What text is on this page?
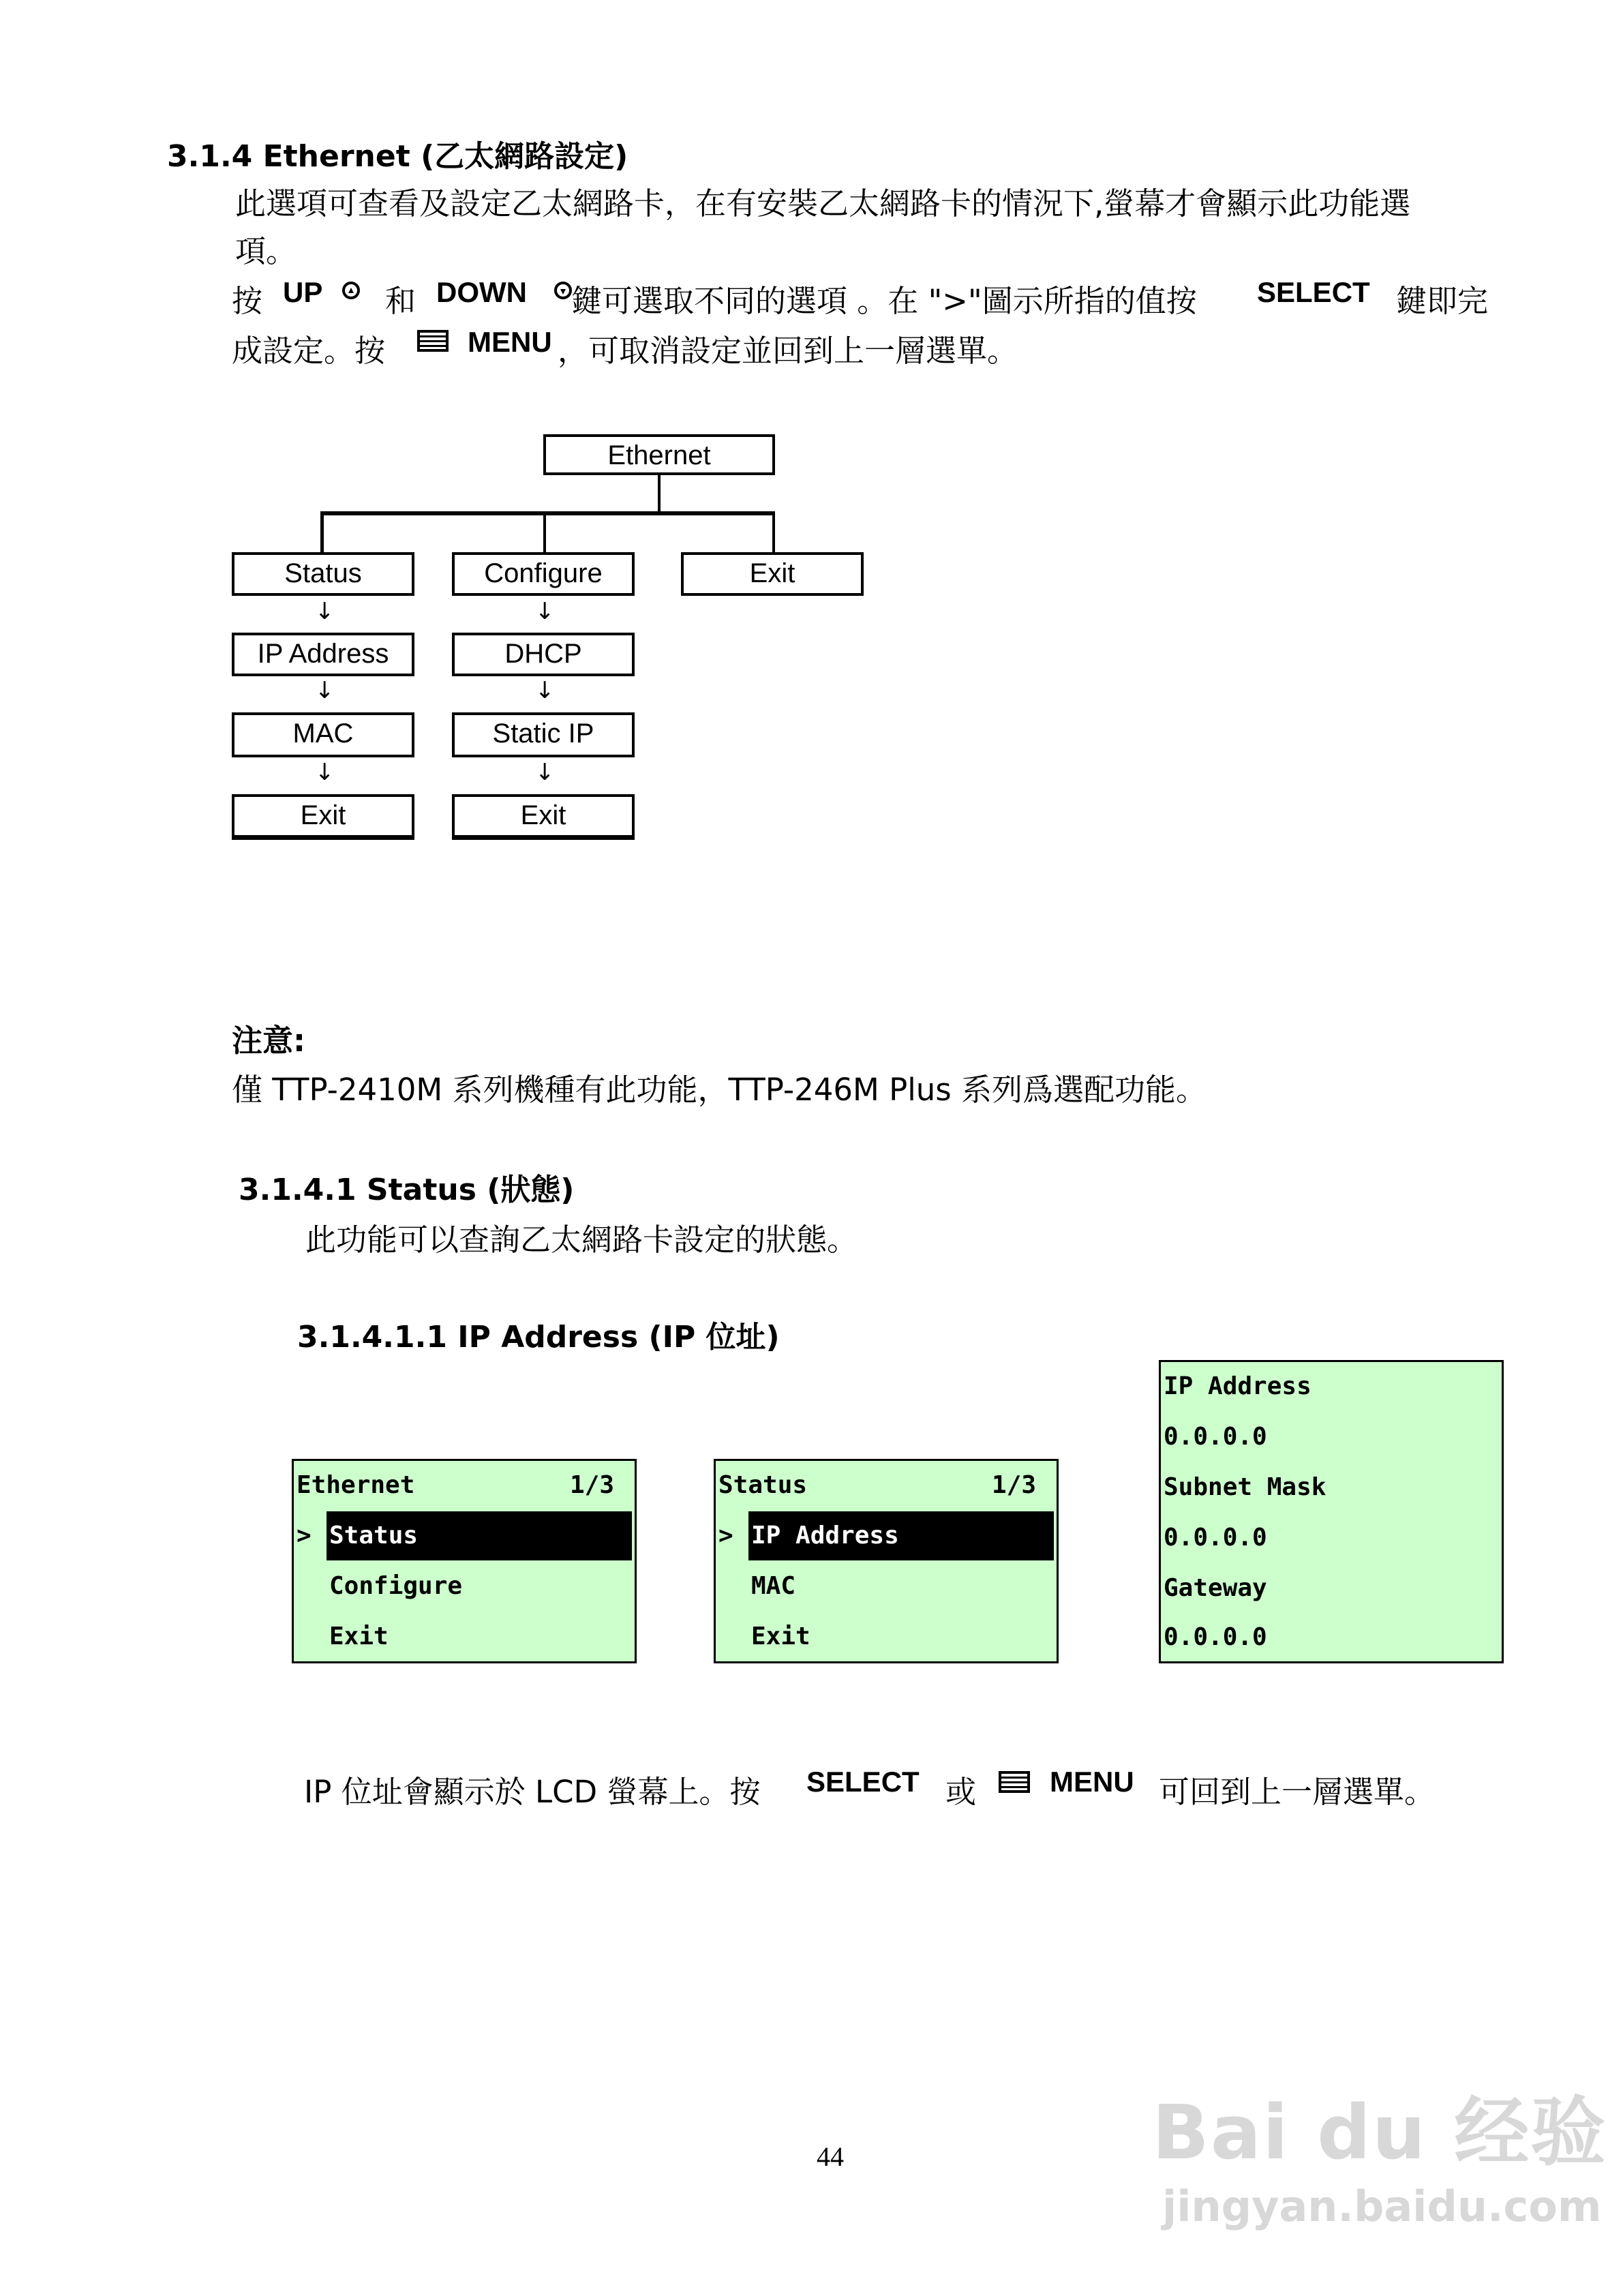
3.1.4 Ethernet (乙太網路設定)
此選項可查看及設定乙太網路卡，在有安裝乙太網路卡的情況下,螢幕才會顯示此功能選
項。
按 UP
和 DOWN 鍵可選取不同的選項 。在 ">"圖示所指的值按 SELECT 鍵即完
成設定。按	MENU ，可取消設定並回到上一層選單。
Ethernet
Status	Configure	Exit
↓	↓
IP Address	DHCP
↓	↓
MAC	Static IP
↓	↓
Exit	Exit
注意:
僅 TTP-2410M 系列機種有此功能，TTP-246M Plus 系列爲選配功能。
3.1.4.1 Status (狀態)
此功能可以查詢乙太網路卡設定的狀態。
3.1.4.1.1 IP Address (IP 位址)
Ethernet	1/3
> Status
Configure
Exit
Status	1/3
> IP Address
MAC
Exit
IP Address
0.0.0.0
Subnet Mask
0.0.0.0
Gateway
0.0.0.0
IP 位址會顯示於 LCD 螢幕上。按 SELECT 或	MENU 可回到上一層選單。
44	Bai du 经验
jingyan.baidu.com
